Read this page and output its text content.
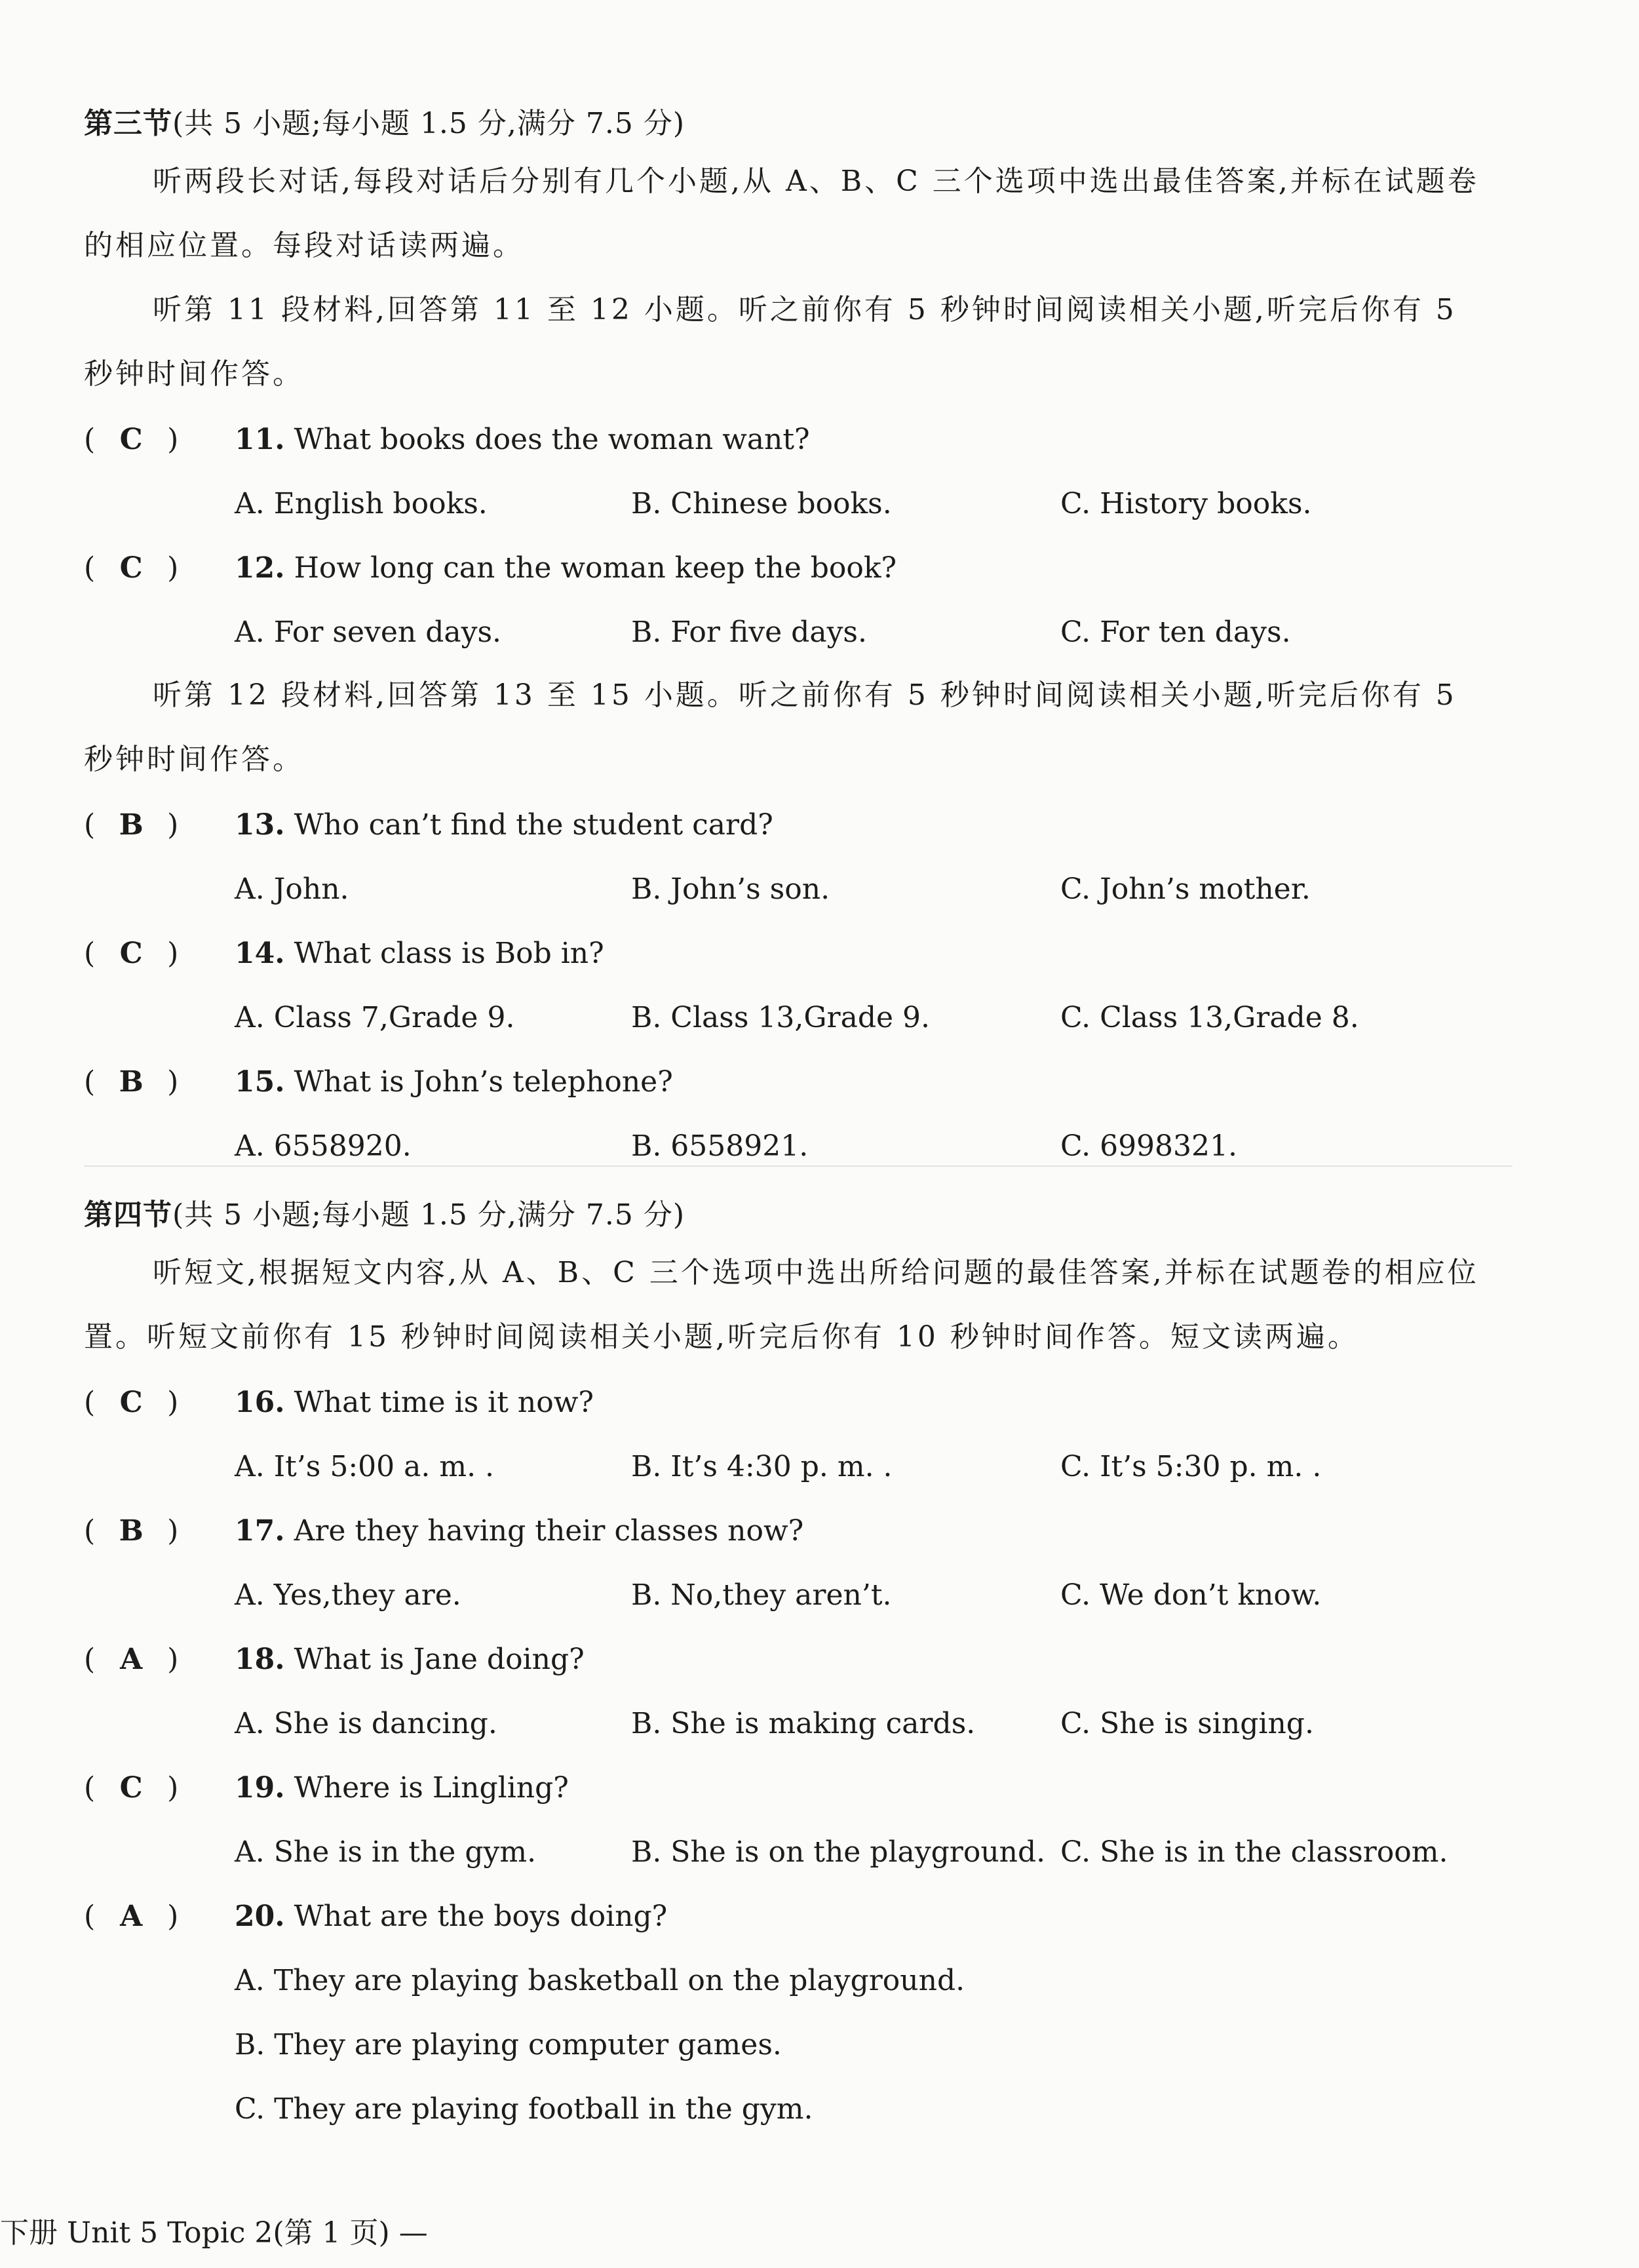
第三节(共 5 小题;每小题 1.5 分,满分 7.5 分)

听两段长对话,每段对话后分别有几个小题,从 A、B、C 三个选项中选出最佳答案,并标在试题卷的相应位置。每段对话读两遍。

听第 11 段材料,回答第 11 至 12 小题。听之前你有 5 秒钟时间阅读相关小题,听完后你有 5 秒钟时间作答。

( C ) 11. What books does the woman want?
A. English books.	B. Chinese books.	C. History books.
( C ) 12. How long can the woman keep the book?
A. For seven days.	B. For five days.	C. For ten days.

听第 12 段材料,回答第 13 至 15 小题。听之前你有 5 秒钟时间阅读相关小题,听完后你有 5 秒钟时间作答。

( B ) 13. Who can’t find the student card?
A. John.	B. John’s son.	C. John’s mother.
( C ) 14. What class is Bob in?
A. Class 7,Grade 9.	B. Class 13,Grade 9.	C. Class 13,Grade 8.
( B ) 15. What is John’s telephone?
A. 6558920.	B. 6558921.	C. 6998321.
第四节(共 5 小题;每小题 1.5 分,满分 7.5 分)

听短文,根据短文内容,从 A、B、C 三个选项中选出所给问题的最佳答案,并标在试题卷的相应位置。听短文前你有 15 秒钟时间阅读相关小题,听完后你有 10 秒钟时间作答。短文读两遍。

( C ) 16. What time is it now?
A. It’s 5:00 a. m. .	B. It’s 4:30 p. m. .	C. It’s 5:30 p. m. .
( B ) 17. Are they having their classes now?
A. Yes,they are.	B. No,they aren’t.	C. We don’t know.
( A ) 18. What is Jane doing?
A. She is dancing.	B. She is making cards.	C. She is singing.
( C ) 19. Where is Lingling?
A. She is in the gym.	B. She is on the playground. C. She is in the classroom.
( A ) 20. What are the boys doing?
A. They are playing basketball on the playground.
B. They are playing computer games.
C. They are playing football in the gym.
下册 Unit 5 Topic 2(第 1 页) —
